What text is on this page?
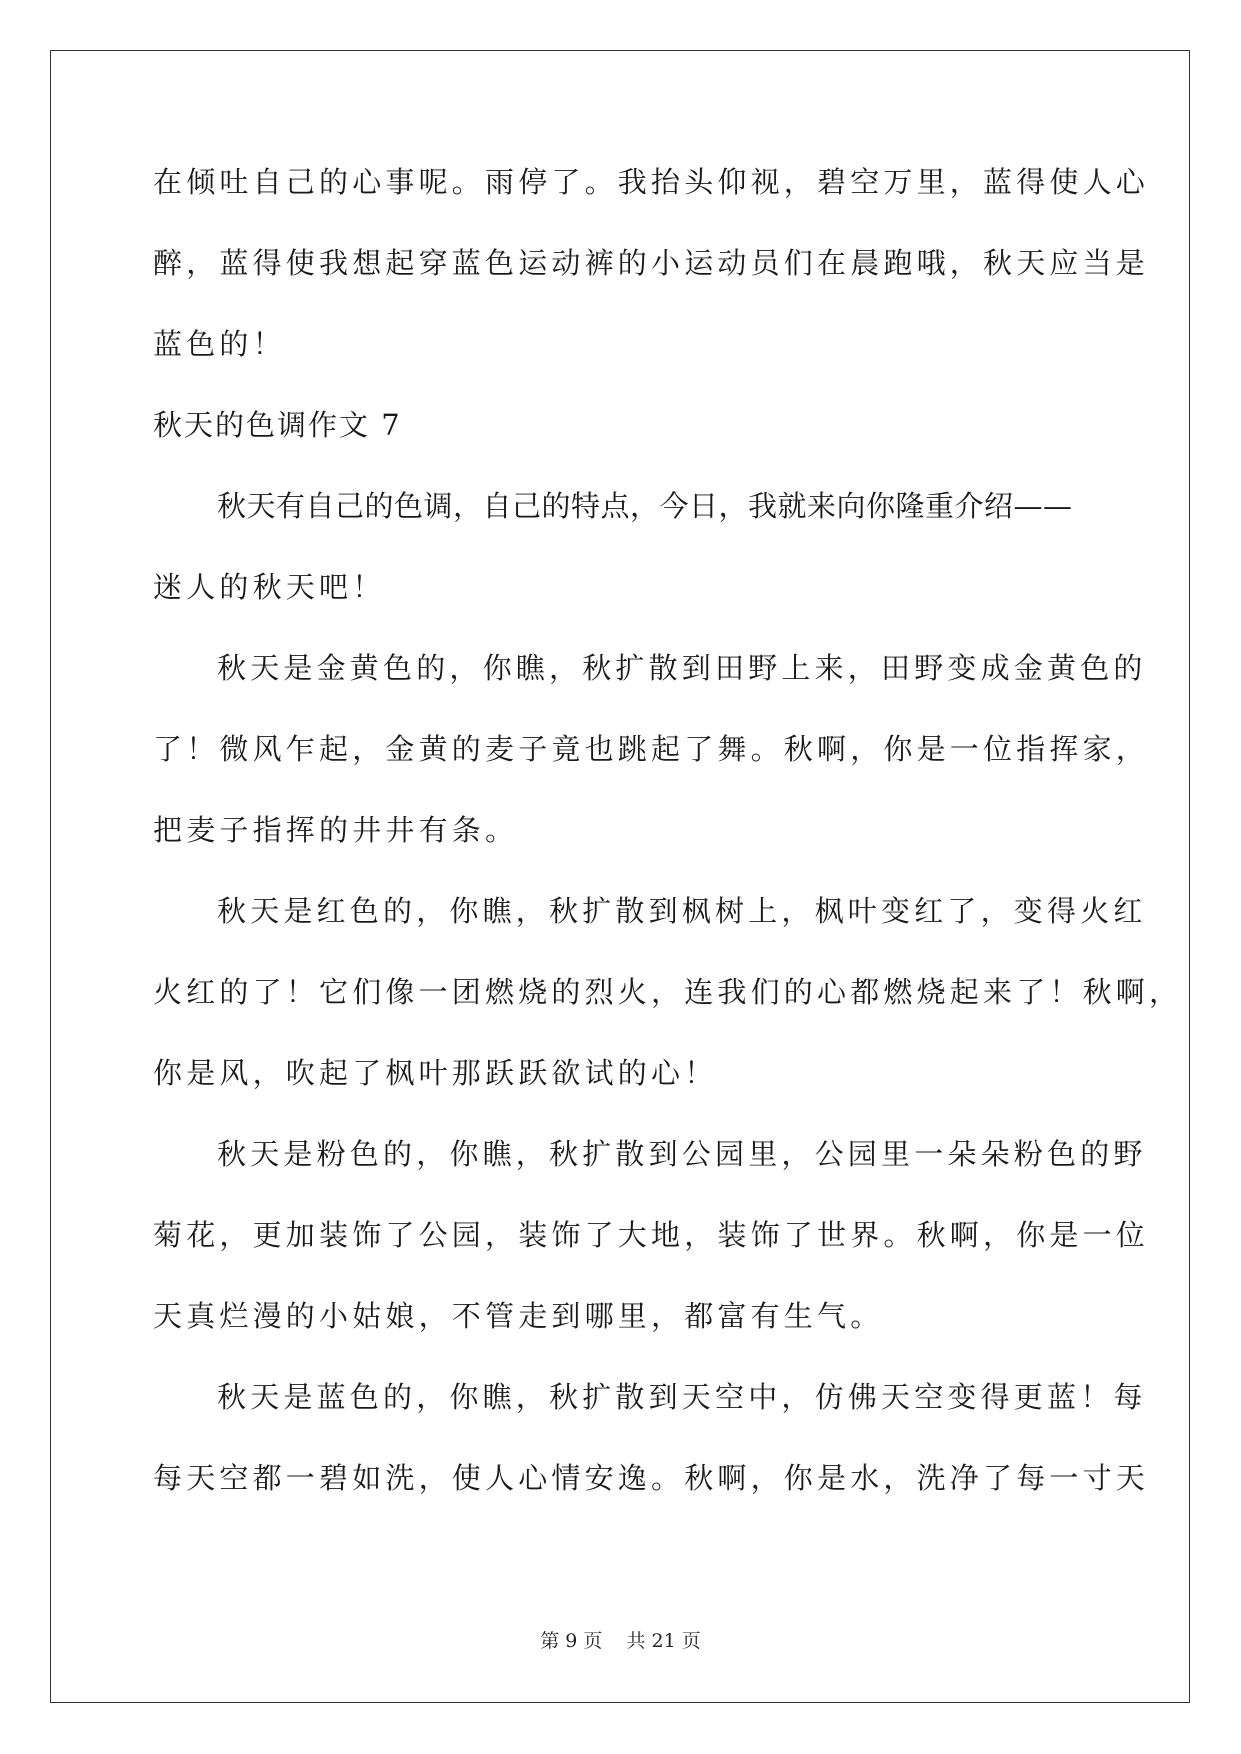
在倾吐自己的心事呢。雨停了。我抬头仰视，碧空万里，蓝得使人心
醉，蓝得使我想起穿蓝色运动裤的小运动员们在晨跑哦，秋天应当是
蓝色的！
秋天的色调作文 7
秋天有自己的色调，自己的特点，今日，我就来向你隆重介绍——
迷人的秋天吧！
秋天是金黄色的，你瞧，秋扩散到田野上来，田野变成金黄色的
了！微风乍起，金黄的麦子竟也跳起了舞。秋啊，你是一位指挥家，
把麦子指挥的井井有条。
秋天是红色的，你瞧，秋扩散到枫树上，枫叶变红了，变得火红
火红的了！它们像一团燃烧的烈火，连我们的心都燃烧起来了！秋啊，
你是风，吹起了枫叶那跃跃欲试的心！
秋天是粉色的，你瞧，秋扩散到公园里，公园里一朵朵粉色的野
菊花，更加装饰了公园，装饰了大地，装饰了世界。秋啊，你是一位
天真烂漫的小姑娘，不管走到哪里，都富有生气。
秋天是蓝色的，你瞧，秋扩散到天空中，仿佛天空变得更蓝！每
每天空都一碧如洗，使人心情安逸。秋啊，你是水，洗净了每一寸天
第 9 页 共 21 页
